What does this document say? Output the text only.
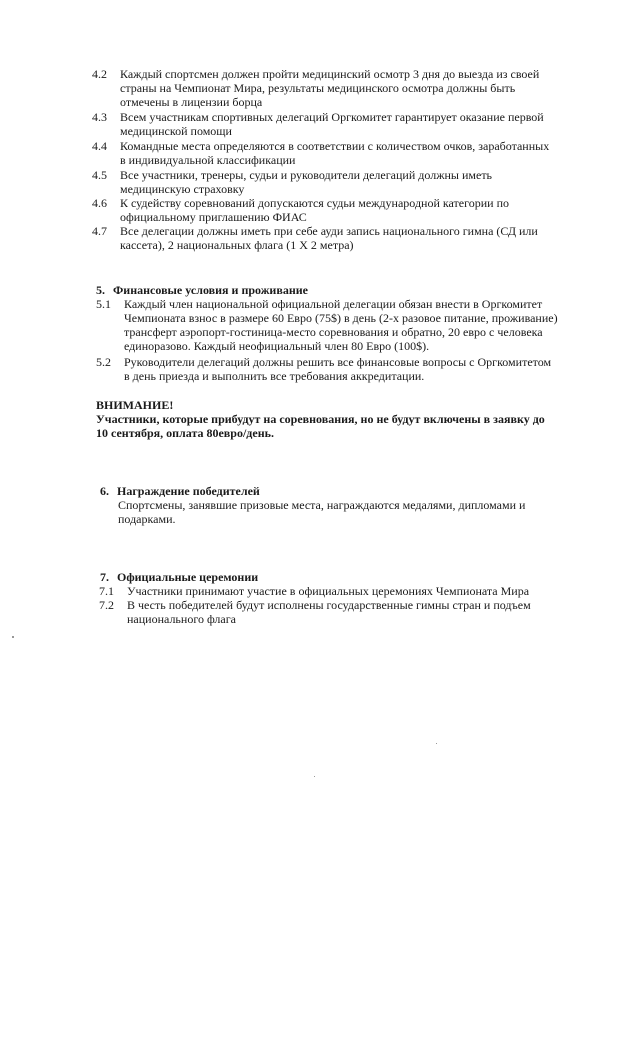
4.2	Каждый спортсмен должен пройти медицинский осмотр 3 дня до выезда из своей
страны на Чемпионат Мира, результаты медицинского осмотра должны быть
отмечены в лицензии борца
4.3	Всем участникам спортивных делегаций Оргкомитет гарантирует оказание первой
медицинской помощи
4.4	Командные места определяются в соответствии с количеством очков, заработанных
в индивидуальной классификации
4.5	Все участники, тренеры, судьи и руководители делегаций должны иметь
медицинскую страховку
4.6	К судейству соревнований допускаются судьи международной категории по
официальному приглашению ФИАС
4.7	Все делегации должны иметь при себе ауди запись национального гимна (СД или
кассета), 2 национальных флага (1 Х 2 метра)
5. Финансовые условия и проживание
5.1	Каждый член национальной официальной делегации обязан внести в Оргкомитет
Чемпионата взнос в размере 60 Евро (75$) в день (2-х разовое питание, проживание)
трансферт аэропорт-гостиница-место соревнования и обратно, 20 евро с человека
единоразово. Каждый неофициальный член 80 Евро (100$).
5.2	Руководители делегаций должны решить все финансовые вопросы с Оргкомитетом
в день приезда и выполнить все требования аккредитации.
ВНИМАНИЕ!
Участники, которые прибудут на соревнования, но не будут включены в заявку до
10 сентября, оплата 80евро/день.
6. Награждение победителей
Спортсмены, занявшие призовые места, награждаются медалями, дипломами и
подарками.
7. Официальные церемонии
7.1	Участники принимают участие в официальных церемониях Чемпионата Мира
7.2	В честь победителей будут исполнены государственные гимны стран и подъем
национального флага
